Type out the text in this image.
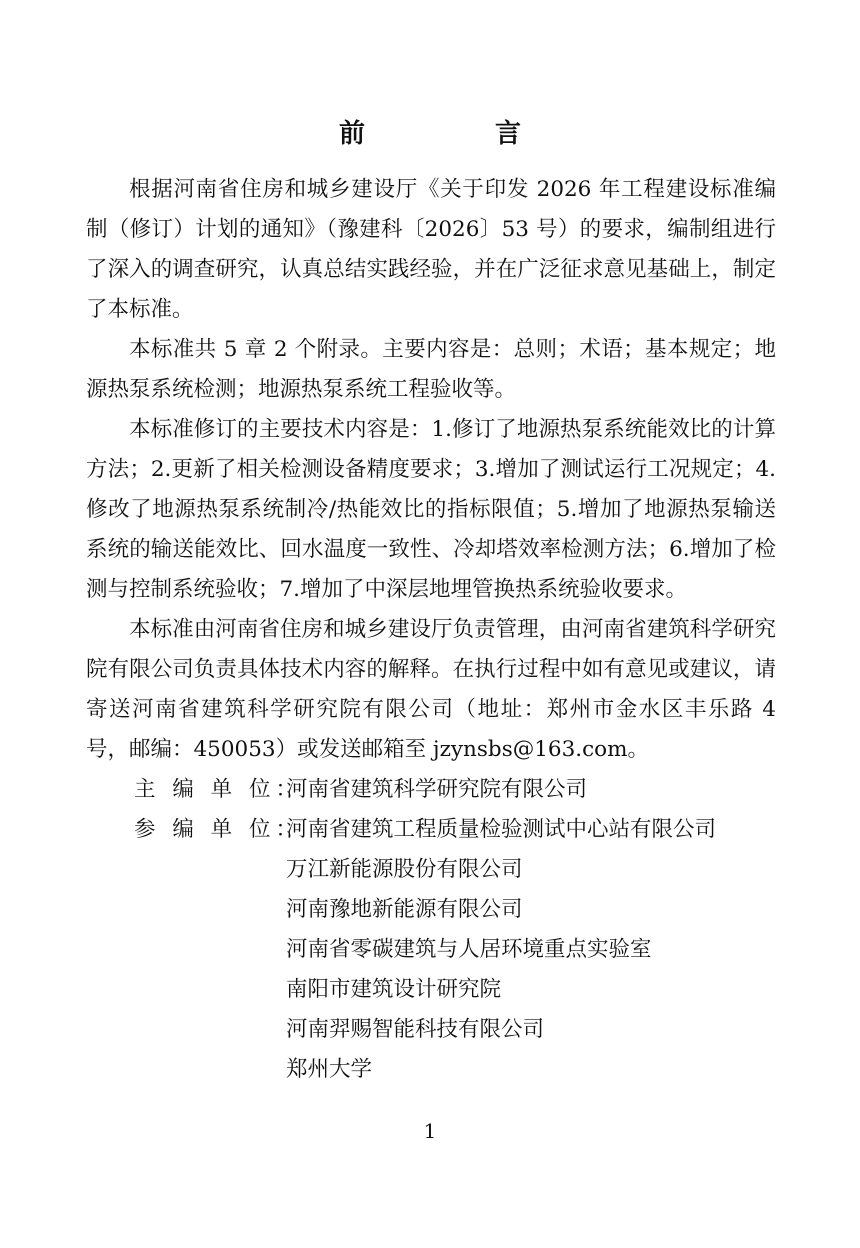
前　言

根据河南省住房和城乡建设厅《关于印发 2026 年工程建设标准编制（修订）计划的通知》（豫建科〔2026〕53 号）的要求，编制组进行了深入的调查研究，认真总结实践经验，并在广泛征求意见基础上，制定了本标准。

本标准共 5 章 2 个附录。主要内容是：总则；术语；基本规定；地源热泵系统检测；地源热泵系统工程验收等。

本标准修订的主要技术内容是：1.修订了地源热泵系统能效比的计算方法；2.更新了相关检测设备精度要求；3.增加了测试运行工况规定；4.修改了地源热泵系统制冷/热能效比的指标限值；5.增加了地源热泵输送系统的输送能效比、回水温度一致性、冷却塔效率检测方法；6.增加了检测与控制系统验收；7.增加了中深层地埋管换热系统验收要求。

本标准由河南省住房和城乡建设厅负责管理，由河南省建筑科学研究院有限公司负责具体技术内容的解释。在执行过程中如有意见或建议，请寄送河南省建筑科学研究院有限公司（地址：郑州市金水区丰乐路 4 号，邮编：450053）或发送邮箱至 jzynsbs@163.com。

主 编 单 位：
河南省建筑科学研究院有限公司
参 编 单 位：
河南省建筑工程质量检验测试中心站有限公司
万江新能源股份有限公司
河南豫地新能源有限公司
河南省零碳建筑与人居环境重点实验室
南阳市建筑设计研究院
河南羿赐智能科技有限公司
郑州大学
1
